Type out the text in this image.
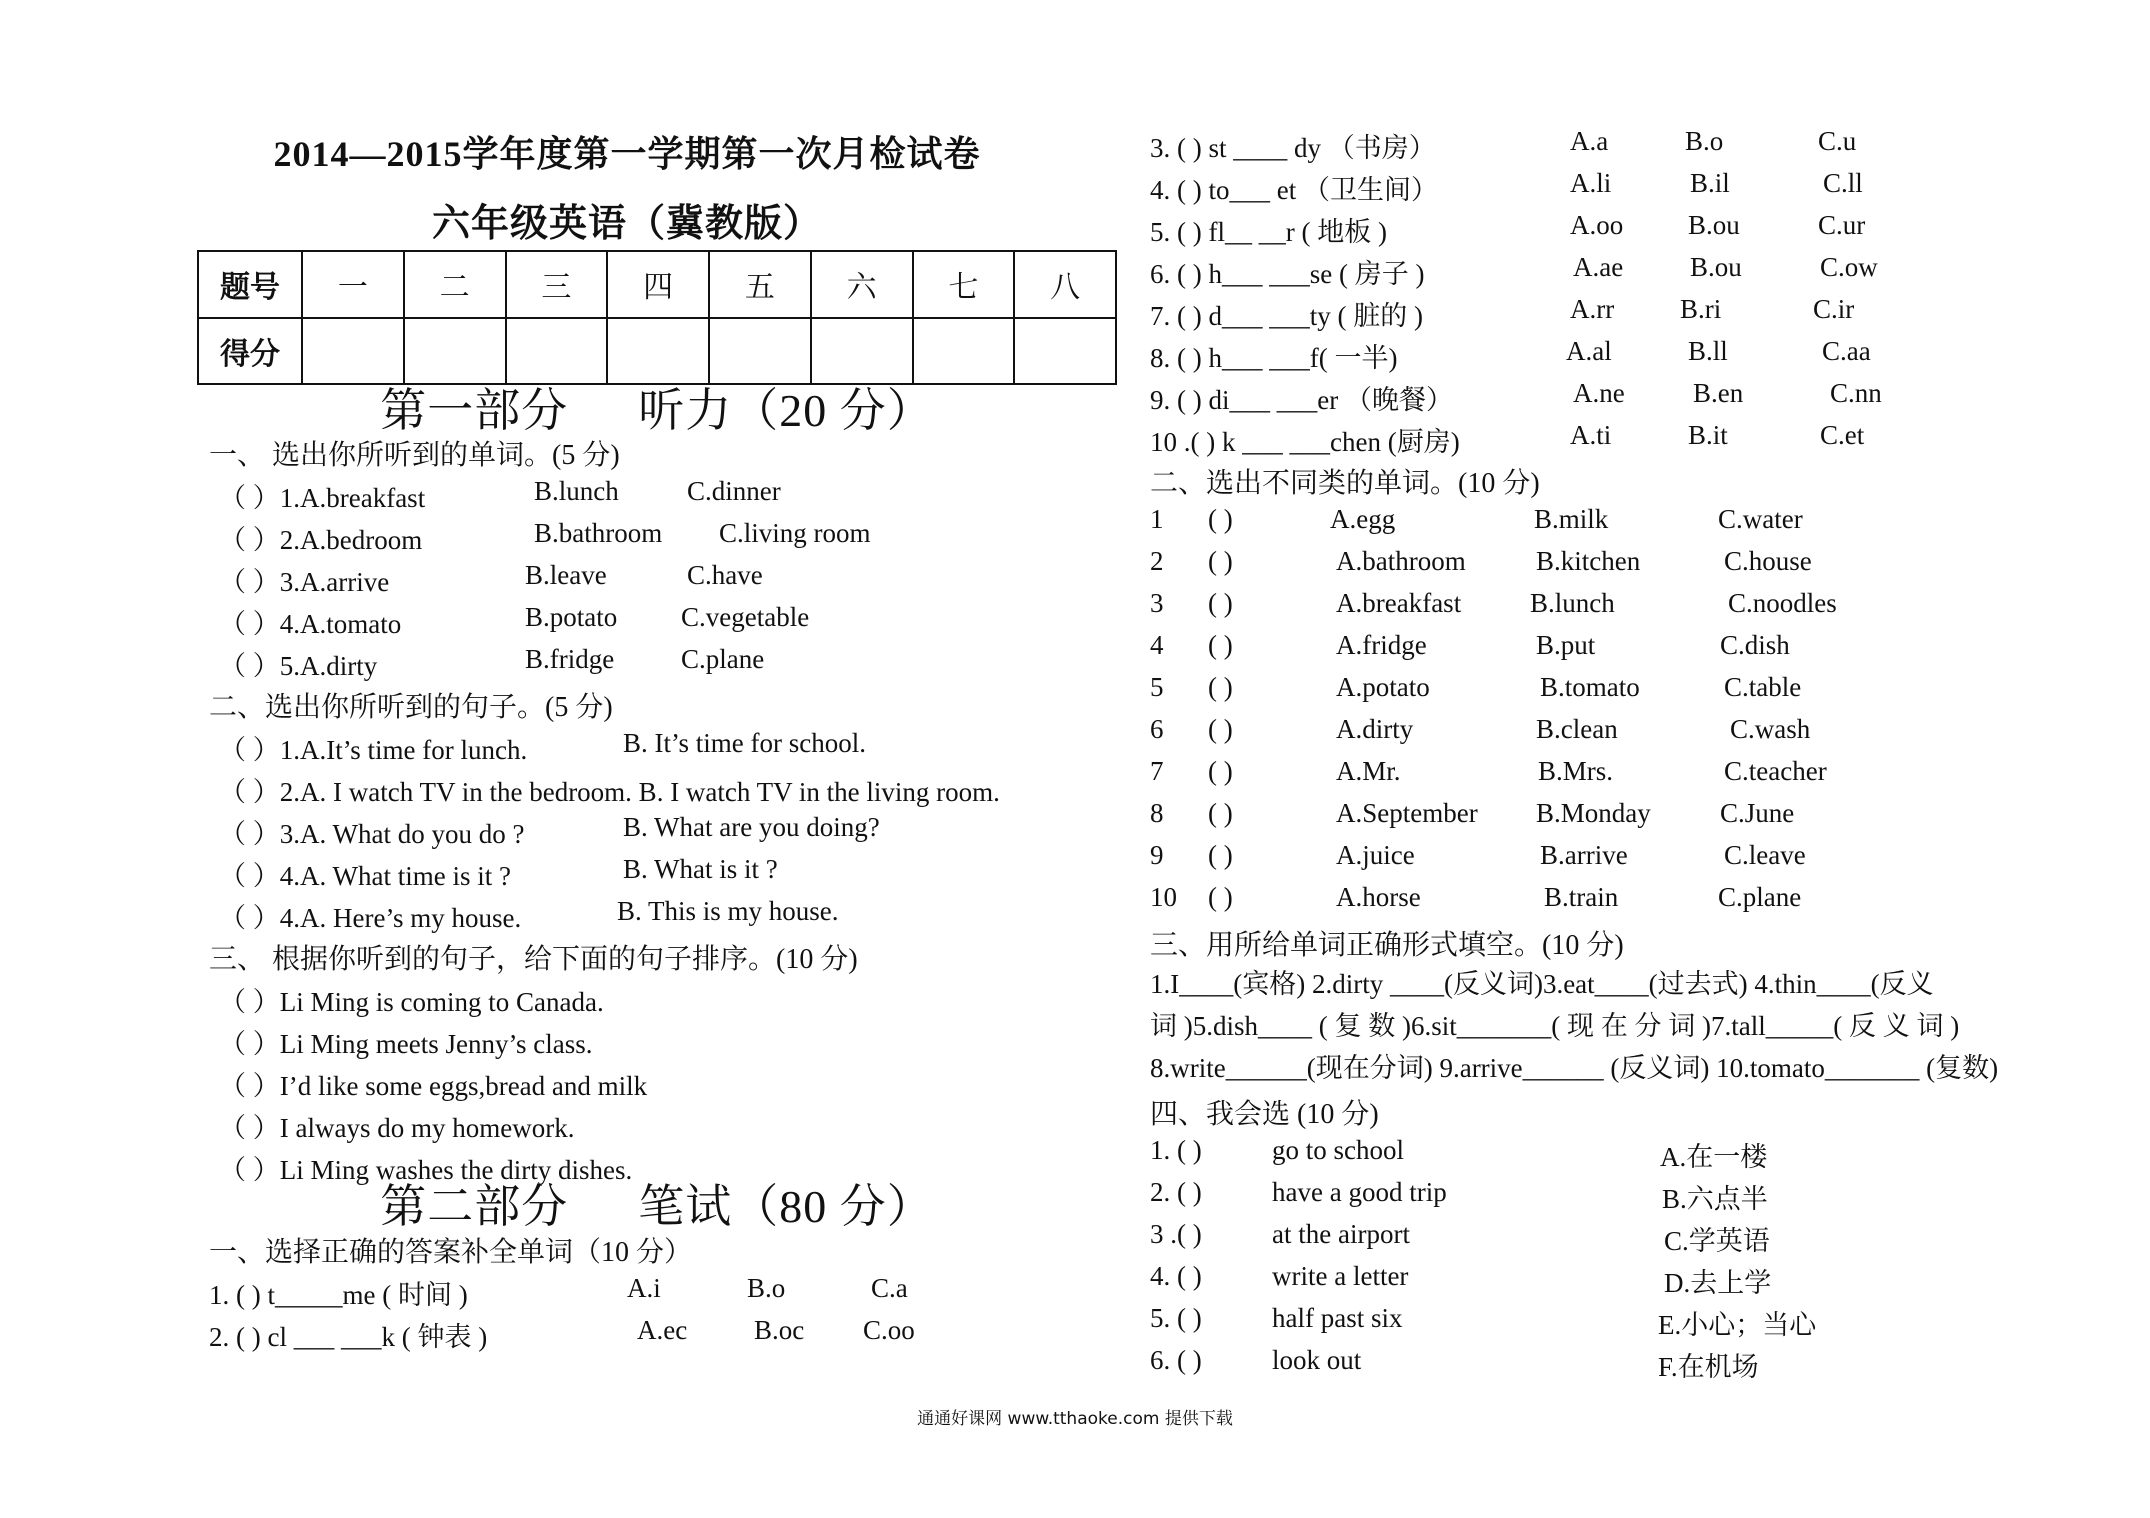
2014—2015学年度第一学期第一次月检试卷
六年级英语（冀教版）
题号	一	二	三	四	五	六	七	八
得分								
第一部分 听力（20 分）
一、 选出你所听到的单词。(5 分)
（ ）1.A.breakfast	B.lunch	C.dinner
（ ）2.A.bedroom	B.bathroom C.living room
（ ）3.A.arrive	B.leave	C.have
（ ）4.A.tomato	B.potato C.vegetable
（ ）5.A.dirty	B.fridge C.plane
二、选出你所听到的句子。(5 分)
（ ）1.A.It’s time for lunch.	B. It’s time for school.
（ ）2.A. I watch TV in the bedroom. B. I watch TV in the living room.
（ ）3.A. What do you do ?	B. What are you doing?
（ ）4.A. What time is it ?	B. What is it ?
（ ）4.A. Here’s my house.	B. This is my house.
三、 根据你听到的句子，给下面的句子排序。(10 分)
（ ）Li Ming is coming to Canada.
（ ）Li Ming meets Jenny’s class.
（ ）I’d like some eggs,bread and milk
（ ）I always do my homework.
（ ）Li Ming washes the dirty dishes.
第二部分 笔试（80 分）
一、选择正确的答案补全单词（10 分）
1. ( ) t_____me ( 时间 )	A.i	B.o	C.a
2. ( ) cl ___ ___k ( 钟表 )	A.ec B.oc C.oo
3. ( ) st ____ dy （书房）	A.a	B.o	C.u
4. ( ) to___ et （卫生间）	A.li	B.il	C.ll
5. ( ) fl__ __r ( 地板 )	A.oo B.ou	C.ur
6. ( ) h___ ___se ( 房子 )	A.ae B.ou	C.ow
7. ( ) d___ ___ty ( 脏的 )	A.rr B.ri	C.ir
8. ( ) h___ ___f( 一半)	A.al	B.ll	C.aa
9. ( ) di___ ___er （晚餐）	A.ne	B.en	C.nn
10 .( ) k ___ ___chen (厨房)	A.ti	B.it	C.et
二、选出不同类的单词。(10 分)
1 ( )	A.egg	B.milk	C.water
2 ( )	A.bathroom	B.kitchen	C.house
3 ( )	A.breakfast	B.lunch	C.noodles
4 ( )	A.fridge	B.put	C.dish
5 ( )	A.potato	B.tomato	C.table
6 ( )	A.dirty	B.clean	C.wash
7 ( )	A.Mr.	B.Mrs.	C.teacher
8 ( )	A.September B.Monday	C.June
9 ( )	A.juice	B.arrive	C.leave
10 ( )	A.horse	B.train	C.plane
三、用所给单词正确形式填空。(10 分)
1.I____(宾格) 2.dirty ____(反义词)3.eat____(过去式) 4.thin____(反义
词 )5.dish____ ( 复 数 )6.sit_______( 现 在 分 词 )7.tall_____( 反 义 词 )
8.write______(现在分词) 9.arrive______ (反义词) 10.tomato_______ (复数)
四、我会选 (10 分)
1. ( )	go to school	A.在一楼
2. ( )	have a good trip	B.六点半
3 .( )	at the airport	C.学英语
4. ( )	write a letter	D.去上学
5. ( )	half past six	E.小心；当心
6. ( )	look out	F.在机场
通通好课网 www.tthaoke.com 提供下载
